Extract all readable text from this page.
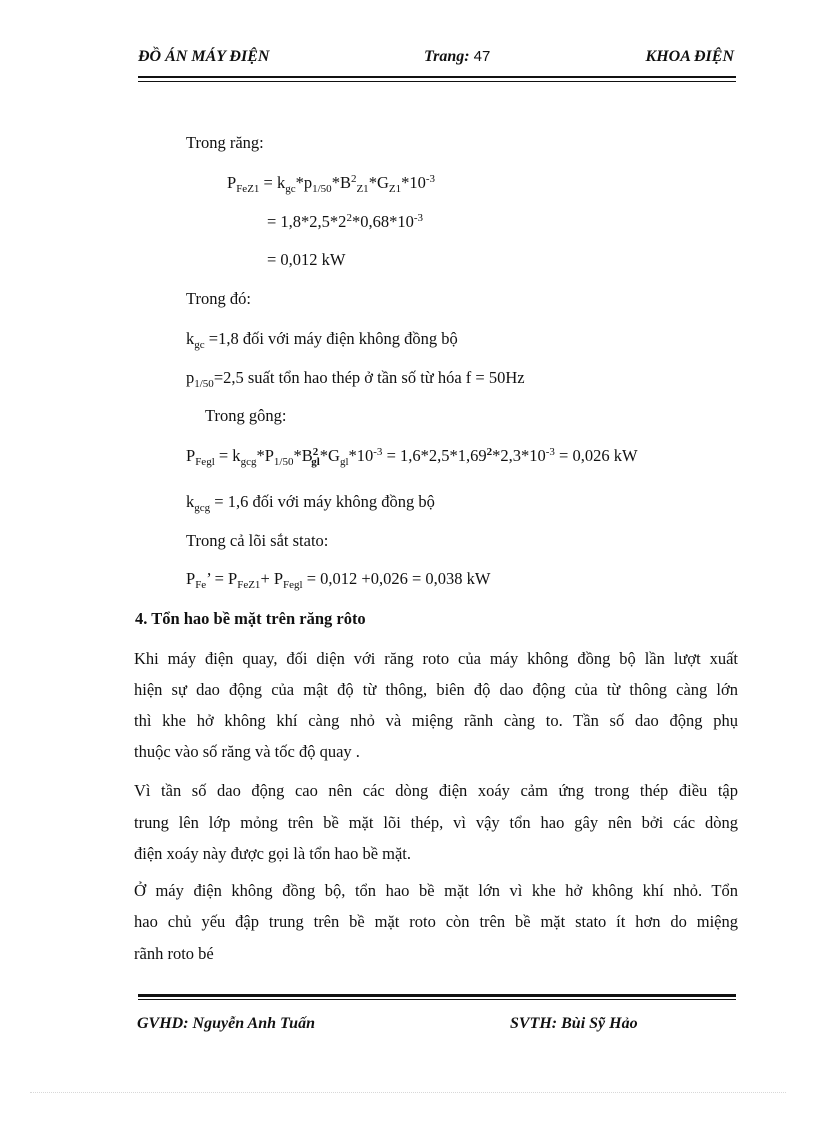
ĐỒ ÁN MÁY ĐIỆN	Trang: 47	KHOA ĐIỆN
Trong răng:
$P_{FeZ1} = k_{gc}*p_{1/50}*B^2_{Z1}*G_{Z1}*10^{-3}$
= $1,8*2,5*2^2*0,68*10^{-3}$
= 0,012 kW
Trong đó:
$k_{gc} =1,8$ đối với máy điện không đồng bộ
$p_{1/50}=2,5$ suất tổn hao thép ở tần số từ hóa f = 50Hz
Trong gông:
$P_{Fegl} = k_{gcg}*P_{1/50}*B^2_{gl}*G_{gl}*10^{-3} = 1,6*2,5*1,69^2*2,3*10^{-3} = 0,026$ kW
$k_{gcg} = 1,6$ đối với máy không đồng bộ
Trong cả lõi sắt stato:
$P_{Fe}$’ = $P_{FeZ1}+ P_{Fegl} = 0,012 +0,026 = 0,038$ kW
4. Tổn hao bề mặt trên răng rôto
Khi máy điện quay, đối diện với răng roto của máy không đồng bộ lần lượt xuất
hiện sự dao động của mật độ từ thông, biên độ dao động của từ thông càng lớn
thì khe hở không khí càng nhỏ và miệng rãnh càng to. Tần số dao động phụ
thuộc vào số răng và tốc độ quay .
Vì tần số dao động cao nên các dòng điện xoáy cảm ứng trong thép điều tập
trung lên lớp mỏng trên bề mặt lõi thép, vì vậy tổn hao gây nên bởi các dòng
điện xoáy này được gọi là tổn hao bề mặt.
Ở máy điện không đồng bộ, tổn hao bề mặt lớn vì khe hở không khí nhỏ. Tổn
hao chủ yếu đập trung trên bề mặt roto còn trên bề mặt stato ít hơn do miệng
rãnh roto bé
GVHD: Nguyễn Anh Tuấn	SVTH: Bùi Sỹ Hảo
